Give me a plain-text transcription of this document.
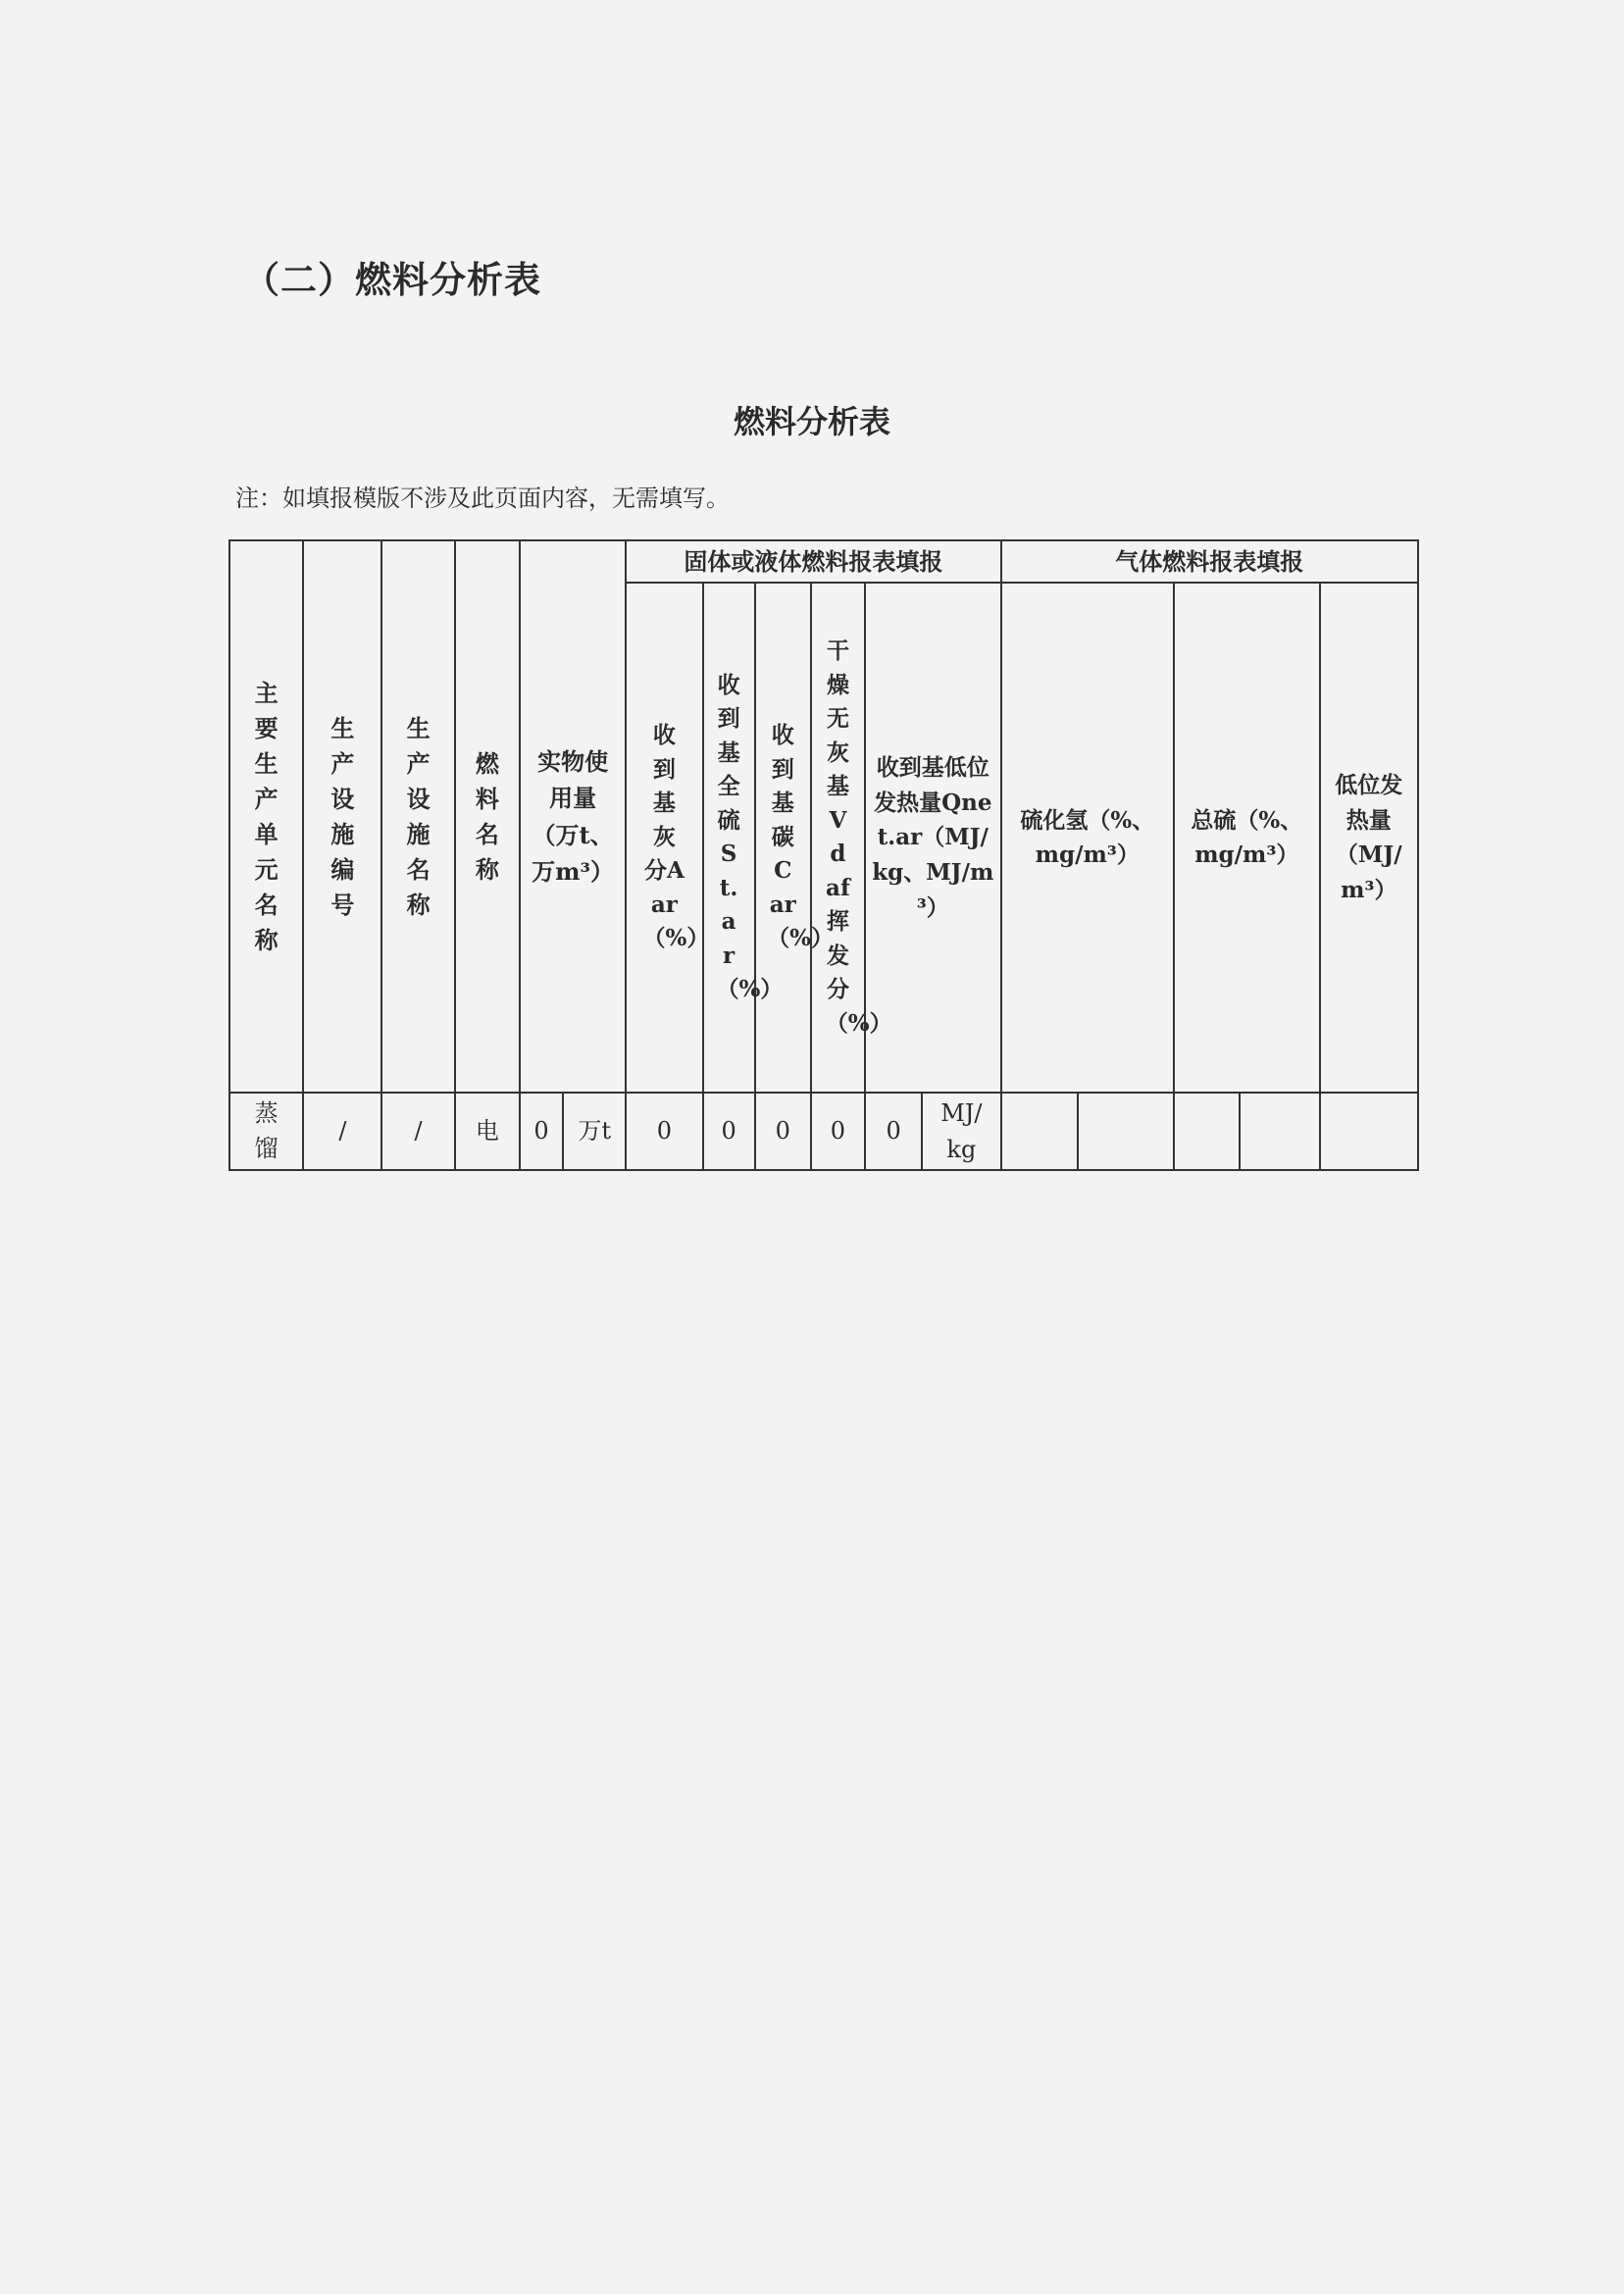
（二）燃料分析表
燃料分析表
注：如填报模版不涉及此页面内容，无需填写。
主要生产单元名称	生产设施编号	生产设施名称	燃料名称	实物使用量（万t、万m³）		固体或液体燃料报表填报						气体燃料报表填报				
						收到基灰分Aar（%）	收到基全硫St.ar（%）	收到基碳Car（%）	干燥无灰基Vdaf挥发分（%）	收到基低位发热量Qnet.ar（MJ/kg、MJ/m³）		硫化氢（%、mg/m³）		总硫（%、mg/m³）		低位发热量（MJ/m³）
蒸馏	/	/	电	0	万t	0	0	0	0	0	MJ/kg					
